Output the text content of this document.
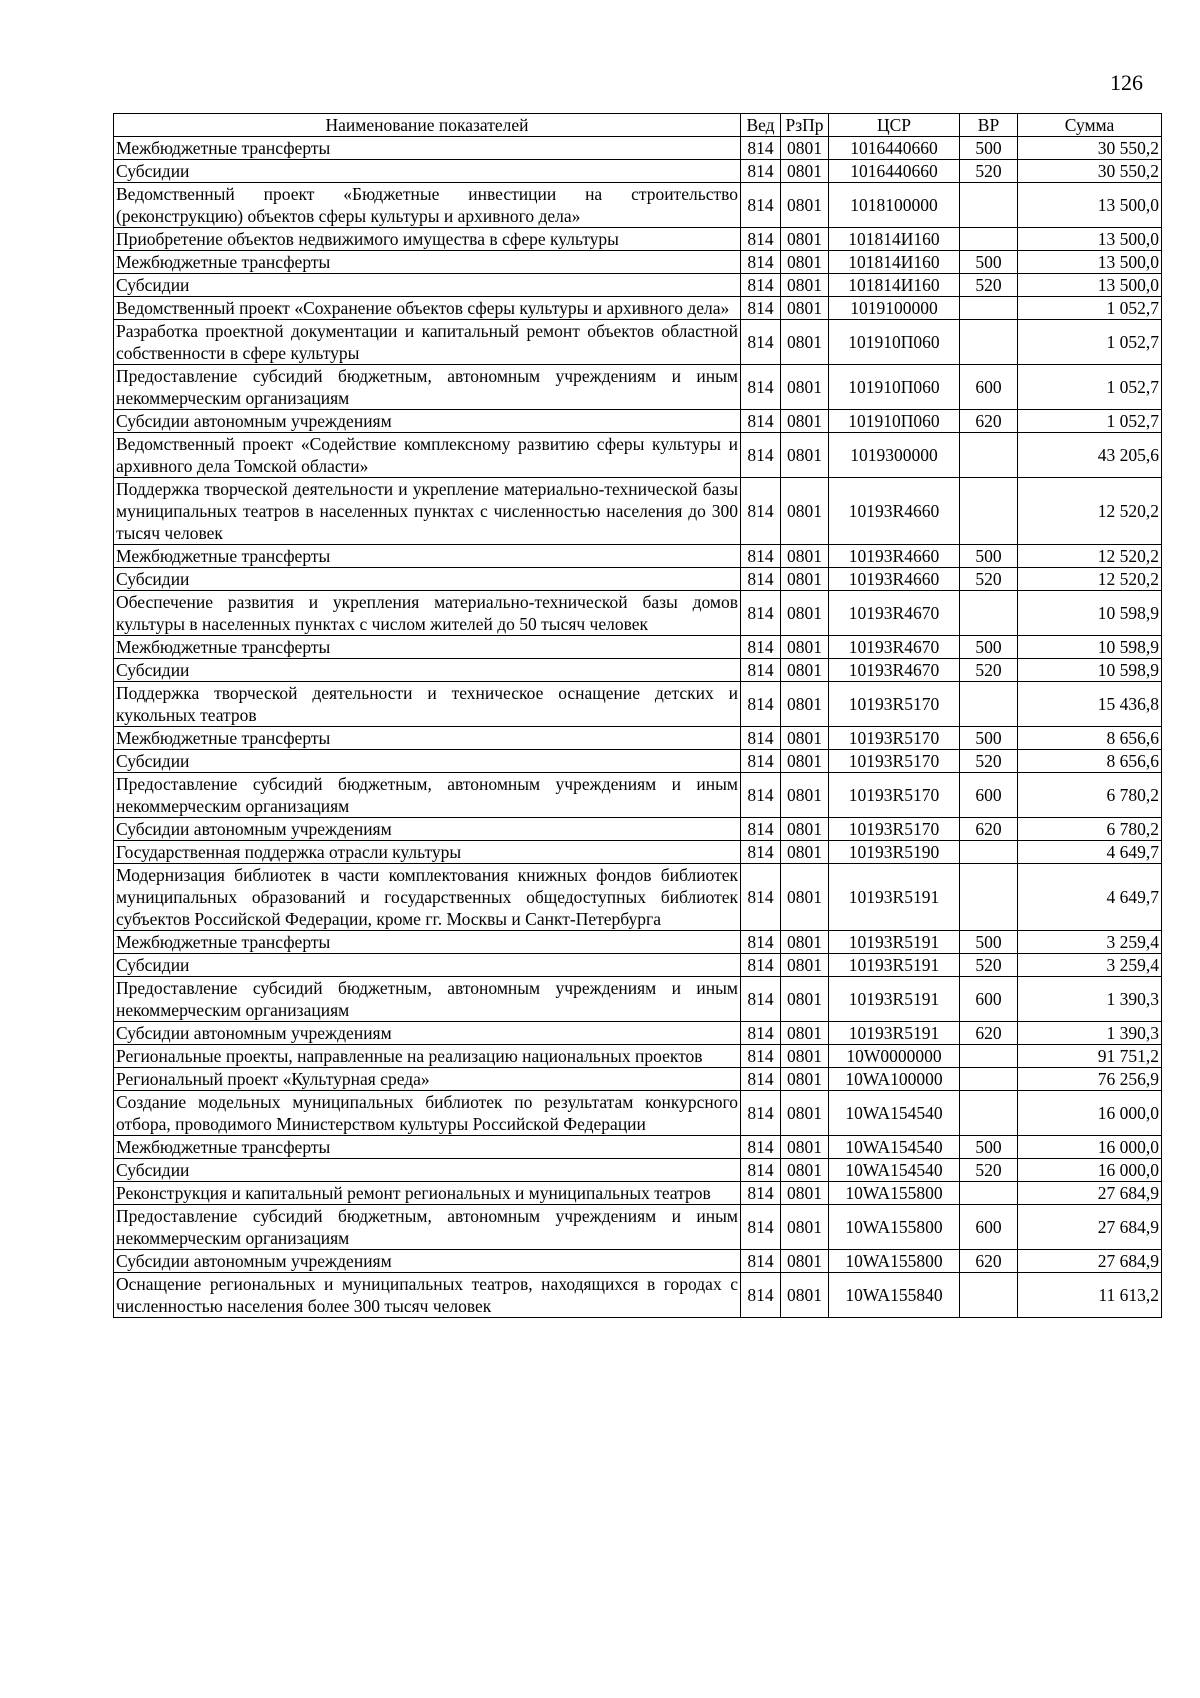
126
Наименование показателей	Вед	РзПр	ЦСР	ВР	Сумма
Межбюджетные трансферты	814	0801	1016440660	500	30 550,2
Субсидии	814	0801	1016440660	520	30 550,2
Ведомственный проект «Бюджетные инвестиции на строительство (реконструкцию) объектов сферы культуры и архивного дела»	814	0801	1018100000		13 500,0
Приобретение объектов недвижимого имущества в сфере культуры	814	0801	101814И160		13 500,0
Межбюджетные трансферты	814	0801	101814И160	500	13 500,0
Субсидии	814	0801	101814И160	520	13 500,0
Ведомственный проект «Сохранение объектов сферы культуры и архивного дела»	814	0801	1019100000		1 052,7
Разработка проектной документации и капитальный ремонт объектов областной собственности в сфере культуры	814	0801	101910П060		1 052,7
Предоставление субсидий бюджетным, автономным учреждениям и иным некоммерческим организациям	814	0801	101910П060	600	1 052,7
Субсидии автономным учреждениям	814	0801	101910П060	620	1 052,7
Ведомственный проект «Содействие комплексному развитию сферы культуры и архивного дела Томской области»	814	0801	1019300000		43 205,6
Поддержка творческой деятельности и укрепление материально-технической базы муниципальных театров в населенных пунктах с численностью населения до 300 тысяч человек	814	0801	10193R4660		12 520,2
Межбюджетные трансферты	814	0801	10193R4660	500	12 520,2
Субсидии	814	0801	10193R4660	520	12 520,2
Обеспечение развития и укрепления материально-технической базы домов культуры в населенных пунктах с числом жителей до 50 тысяч человек	814	0801	10193R4670		10 598,9
Межбюджетные трансферты	814	0801	10193R4670	500	10 598,9
Субсидии	814	0801	10193R4670	520	10 598,9
Поддержка творческой деятельности и техническое оснащение детских и кукольных театров	814	0801	10193R5170		15 436,8
Межбюджетные трансферты	814	0801	10193R5170	500	8 656,6
Субсидии	814	0801	10193R5170	520	8 656,6
Предоставление субсидий бюджетным, автономным учреждениям и иным некоммерческим организациям	814	0801	10193R5170	600	6 780,2
Субсидии автономным учреждениям	814	0801	10193R5170	620	6 780,2
Государственная поддержка отрасли культуры	814	0801	10193R5190		4 649,7
Модернизация библиотек в части комплектования книжных фондов библиотек муниципальных образований и государственных общедоступных библиотек субъектов Российской Федерации, кроме гг. Москвы и Санкт-Петербурга	814	0801	10193R5191		4 649,7
Межбюджетные трансферты	814	0801	10193R5191	500	3 259,4
Субсидии	814	0801	10193R5191	520	3 259,4
Предоставление субсидий бюджетным, автономным учреждениям и иным некоммерческим организациям	814	0801	10193R5191	600	1 390,3
Субсидии автономным учреждениям	814	0801	10193R5191	620	1 390,3
Региональные проекты, направленные на реализацию национальных проектов	814	0801	10W0000000		91 751,2
Региональный проект «Культурная среда»	814	0801	10WA100000		76 256,9
Создание модельных муниципальных библиотек по результатам конкурсного отбора, проводимого Министерством культуры Российской Федерации	814	0801	10WA154540		16 000,0
Межбюджетные трансферты	814	0801	10WA154540	500	16 000,0
Субсидии	814	0801	10WA154540	520	16 000,0
Реконструкция и капитальный ремонт региональных и муниципальных театров	814	0801	10WA155800		27 684,9
Предоставление субсидий бюджетным, автономным учреждениям и иным некоммерческим организациям	814	0801	10WA155800	600	27 684,9
Субсидии автономным учреждениям	814	0801	10WA155800	620	27 684,9
Оснащение региональных и муниципальных театров, находящихся в городах с численностью населения более 300 тысяч человек	814	0801	10WA155840		11 613,2
